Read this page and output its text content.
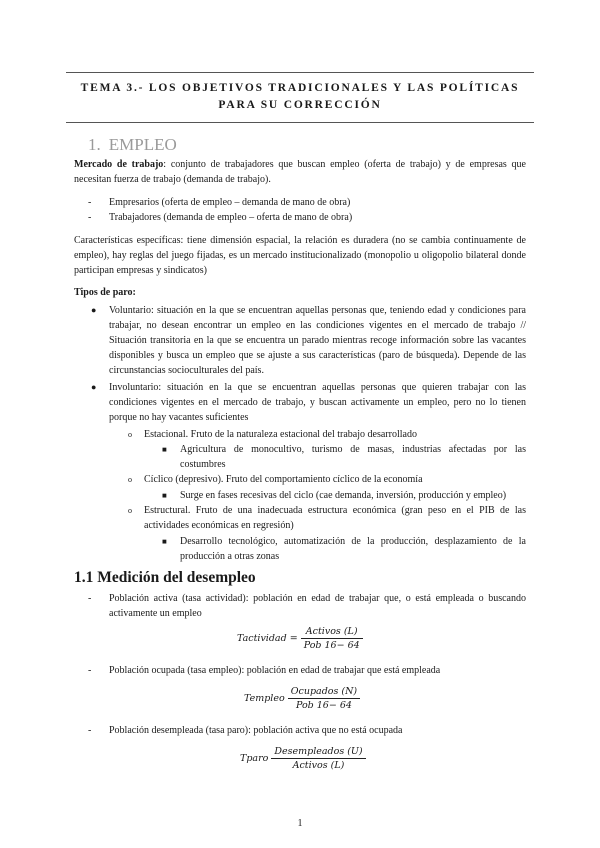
TEMA 3.- LOS OBJETIVOS TRADICIONALES Y LAS POLÍTICAS
PARA SU CORRECCIÓN
1. EMPLEO
Mercado de trabajo: conjunto de trabajadores que buscan empleo (oferta de trabajo) y de empresas que necesitan fuerza de trabajo (demanda de trabajo).
- Empresarios (oferta de empleo – demanda de mano de obra)
- Trabajadores (demanda de empleo – oferta de mano de obra)
Características específicas: tiene dimensión espacial, la relación es duradera (no se cambia continuamente de empleo), hay reglas del juego fijadas, es un mercado institucionalizado (monopolio u oligopolio bilateral donde participan empresas y sindicatos)
Tipos de paro:
● Voluntario: situación en la que se encuentran aquellas personas que, teniendo edad y condiciones para trabajar, no desean encontrar un empleo en las condiciones vigentes en el mercado de trabajo // Situación transitoria en la que se encuentra un parado mientras recoge información sobre las vacantes disponibles y busca un empleo que se ajuste a sus características (paro de búsqueda). Depende de las circunstancias socioculturales del país.
● Involuntario: situación en la que se encuentran aquellas personas que quieren trabajar con las condiciones vigentes en el mercado de trabajo, y buscan activamente un empleo, pero no lo tienen porque no hay vacantes suficientes
o Estacional. Fruto de la naturaleza estacional del trabajo desarrollado
■ Agricultura de monocultivo, turismo de masas, industrias afectadas por las costumbres
o Cíclico (depresivo). Fruto del comportamiento cíclico de la economía
■ Surge en fases recesivas del ciclo (cae demanda, inversión, producción y empleo)
o Estructural. Fruto de una inadecuada estructura económica (gran peso en el PIB de las actividades económicas en regresión)
■ Desarrollo tecnológico, automatización de la producción, desplazamiento de la producción a otras zonas
1.1 Medición del desempleo
- Población activa (tasa actividad): población en edad de trabajar que, o está empleada o buscando activamente un empleo
Tactividad = $\frac{\text{Activos (L)}}{\text{Pob 16− 64}}$
- Población ocupada (tasa empleo): población en edad de trabajar que está empleada
Templeo $\frac{\text{Ocupados (N)}}{\text{Pob 16− 64}}$
- Población desempleada (tasa paro): población activa que no está ocupada
Tparo $\frac{\text{Desempleados (U)}}{\text{Activos (L)}}$
1
